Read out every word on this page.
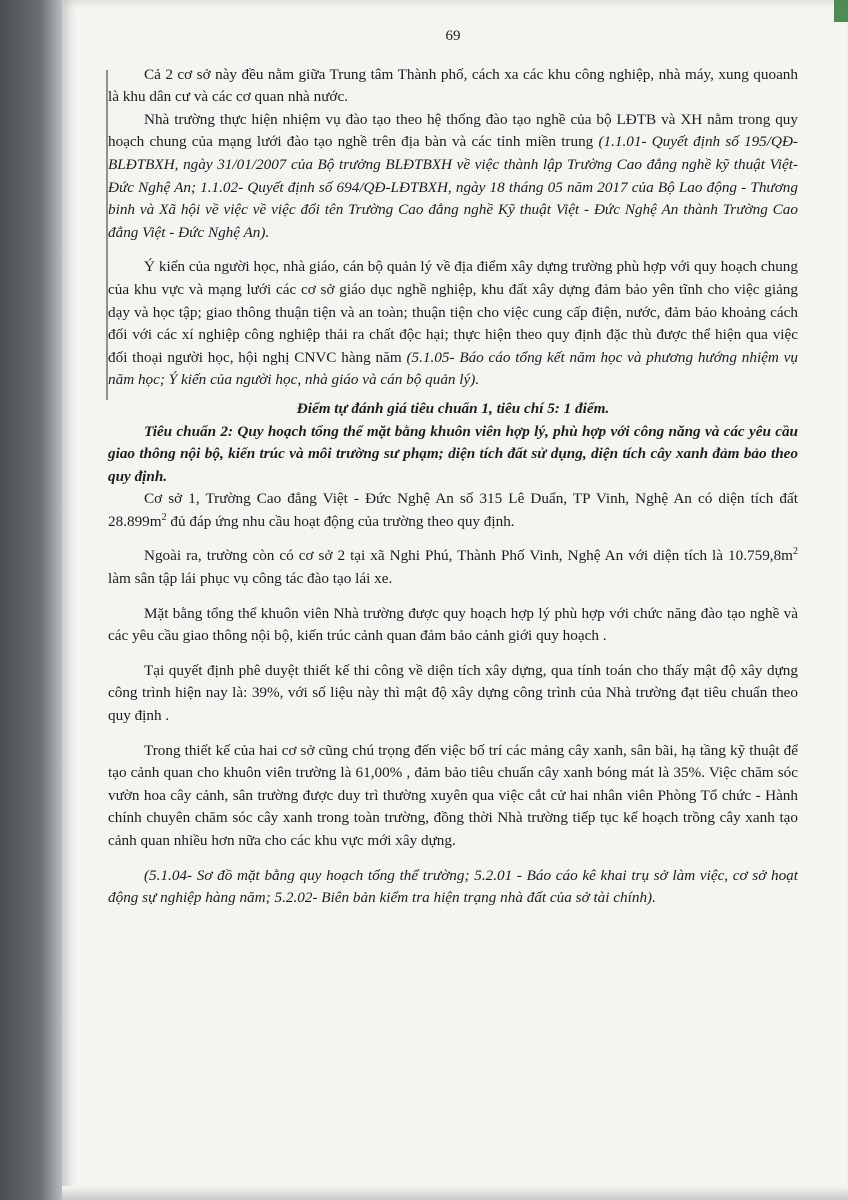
69

Cả 2 cơ sở này đều nằm giữa Trung tâm Thành phố, cách xa các khu công nghiệp, nhà máy, xung quoanh là khu dân cư và các cơ quan nhà nước.

Nhà trường thực hiện nhiệm vụ đào tạo theo hệ thống đào tạo nghề của bộ LĐTB và XH nằm trong quy hoạch chung của mạng lưới đào tạo nghề trên địa bàn và các tỉnh miền trung (1.1.01- Quyết định số 195/QĐ-BLĐTBXH, ngày 31/01/2007 của Bộ trưởng BLĐTBXH về việc thành lập Trường Cao đẳng nghề kỹ thuật Việt-Đức Nghệ An; 1.1.02- Quyết định số 694/QĐ-LĐTBXH, ngày 18 tháng 05 năm 2017 của Bộ Lao động - Thương binh và Xã hội về việc về việc đổi tên Trường Cao đẳng nghề Kỹ thuật Việt - Đức Nghệ An thành Trường Cao đẳng Việt - Đức Nghệ An).

Ý kiến của người học, nhà giáo, cán bộ quản lý về địa điểm xây dựng trường phù hợp với quy hoạch chung của khu vực và mạng lưới các cơ sở giáo dục nghề nghiệp, khu đất xây dựng đảm bảo yên tĩnh cho việc giảng dạy và học tập; giao thông thuận tiện và an toàn; thuận tiện cho việc cung cấp điện, nước, đảm bảo khoảng cách đối với các xí nghiệp công nghiệp thải ra chất độc hại; thực hiện theo quy định đặc thù được thể hiện qua việc đối thoại người học, hội nghị CNVC hàng năm (5.1.05- Báo cáo tổng kết năm học và phương hướng nhiệm vụ năm học; Ý kiến của người học, nhà giáo và cán bộ quản lý).

Điểm tự đánh giá tiêu chuẩn 1, tiêu chí 5: 1 điểm.

Tiêu chuẩn 2: Quy hoạch tổng thể mặt bằng khuôn viên hợp lý, phù hợp với công năng và các yêu cầu giao thông nội bộ, kiến trúc và môi trường sư phạm; diện tích đất sử dụng, diện tích cây xanh đảm bảo theo quy định.

Cơ sở 1, Trường Cao đẳng Việt - Đức Nghệ An số 315 Lê Duẩn, TP Vinh, Nghệ An có diện tích đất $28.899m^2$ đủ đáp ứng nhu cầu hoạt động của trường theo quy định.

Ngoài ra, trường còn có cơ sở 2 tại xã Nghi Phú, Thành Phố Vinh, Nghệ An với diện tích là $10.759,8m^2$ làm sân tập lái phục vụ công tác đào tạo lái xe.

Mặt bằng tổng thể khuôn viên Nhà trường được quy hoạch hợp lý phù hợp với chức năng đào tạo nghề và các yêu cầu giao thông nội bộ, kiến trúc cảnh quan đảm bảo cảnh giới quy hoạch .

Tại quyết định phê duyệt thiết kế thi công về diện tích xây dựng, qua tính toán cho thấy mật độ xây dựng công trình hiện nay là: 39%, với số liệu này thì mật độ xây dựng công trình của Nhà trường đạt tiêu chuẩn theo quy định .

Trong thiết kế của hai cơ sở cũng chú trọng đến việc bố trí các mảng cây xanh, sân bãi, hạ tầng kỹ thuật để tạo cảnh quan cho khuôn viên trường là 61,00% , đảm bảo tiêu chuẩn cây xanh bóng mát là 35%. Việc chăm sóc vườn hoa cây cảnh, sân trường được duy trì thường xuyên qua việc cắt cử hai nhân viên Phòng Tổ chức - Hành chính chuyên chăm sóc cây xanh trong toàn trường, đồng thời Nhà trường tiếp tục kế hoạch trồng cây xanh tạo cảnh quan nhiều hơn nữa cho các khu vực mới xây dựng.

(5.1.04- Sơ đồ mặt bằng quy hoạch tổng thể trường; 5.2.01 - Báo cáo kê khai trụ sở làm việc, cơ sở hoạt động sự nghiệp hàng năm; 5.2.02- Biên bản kiểm tra hiện trạng nhà đất của sở tài chính).
